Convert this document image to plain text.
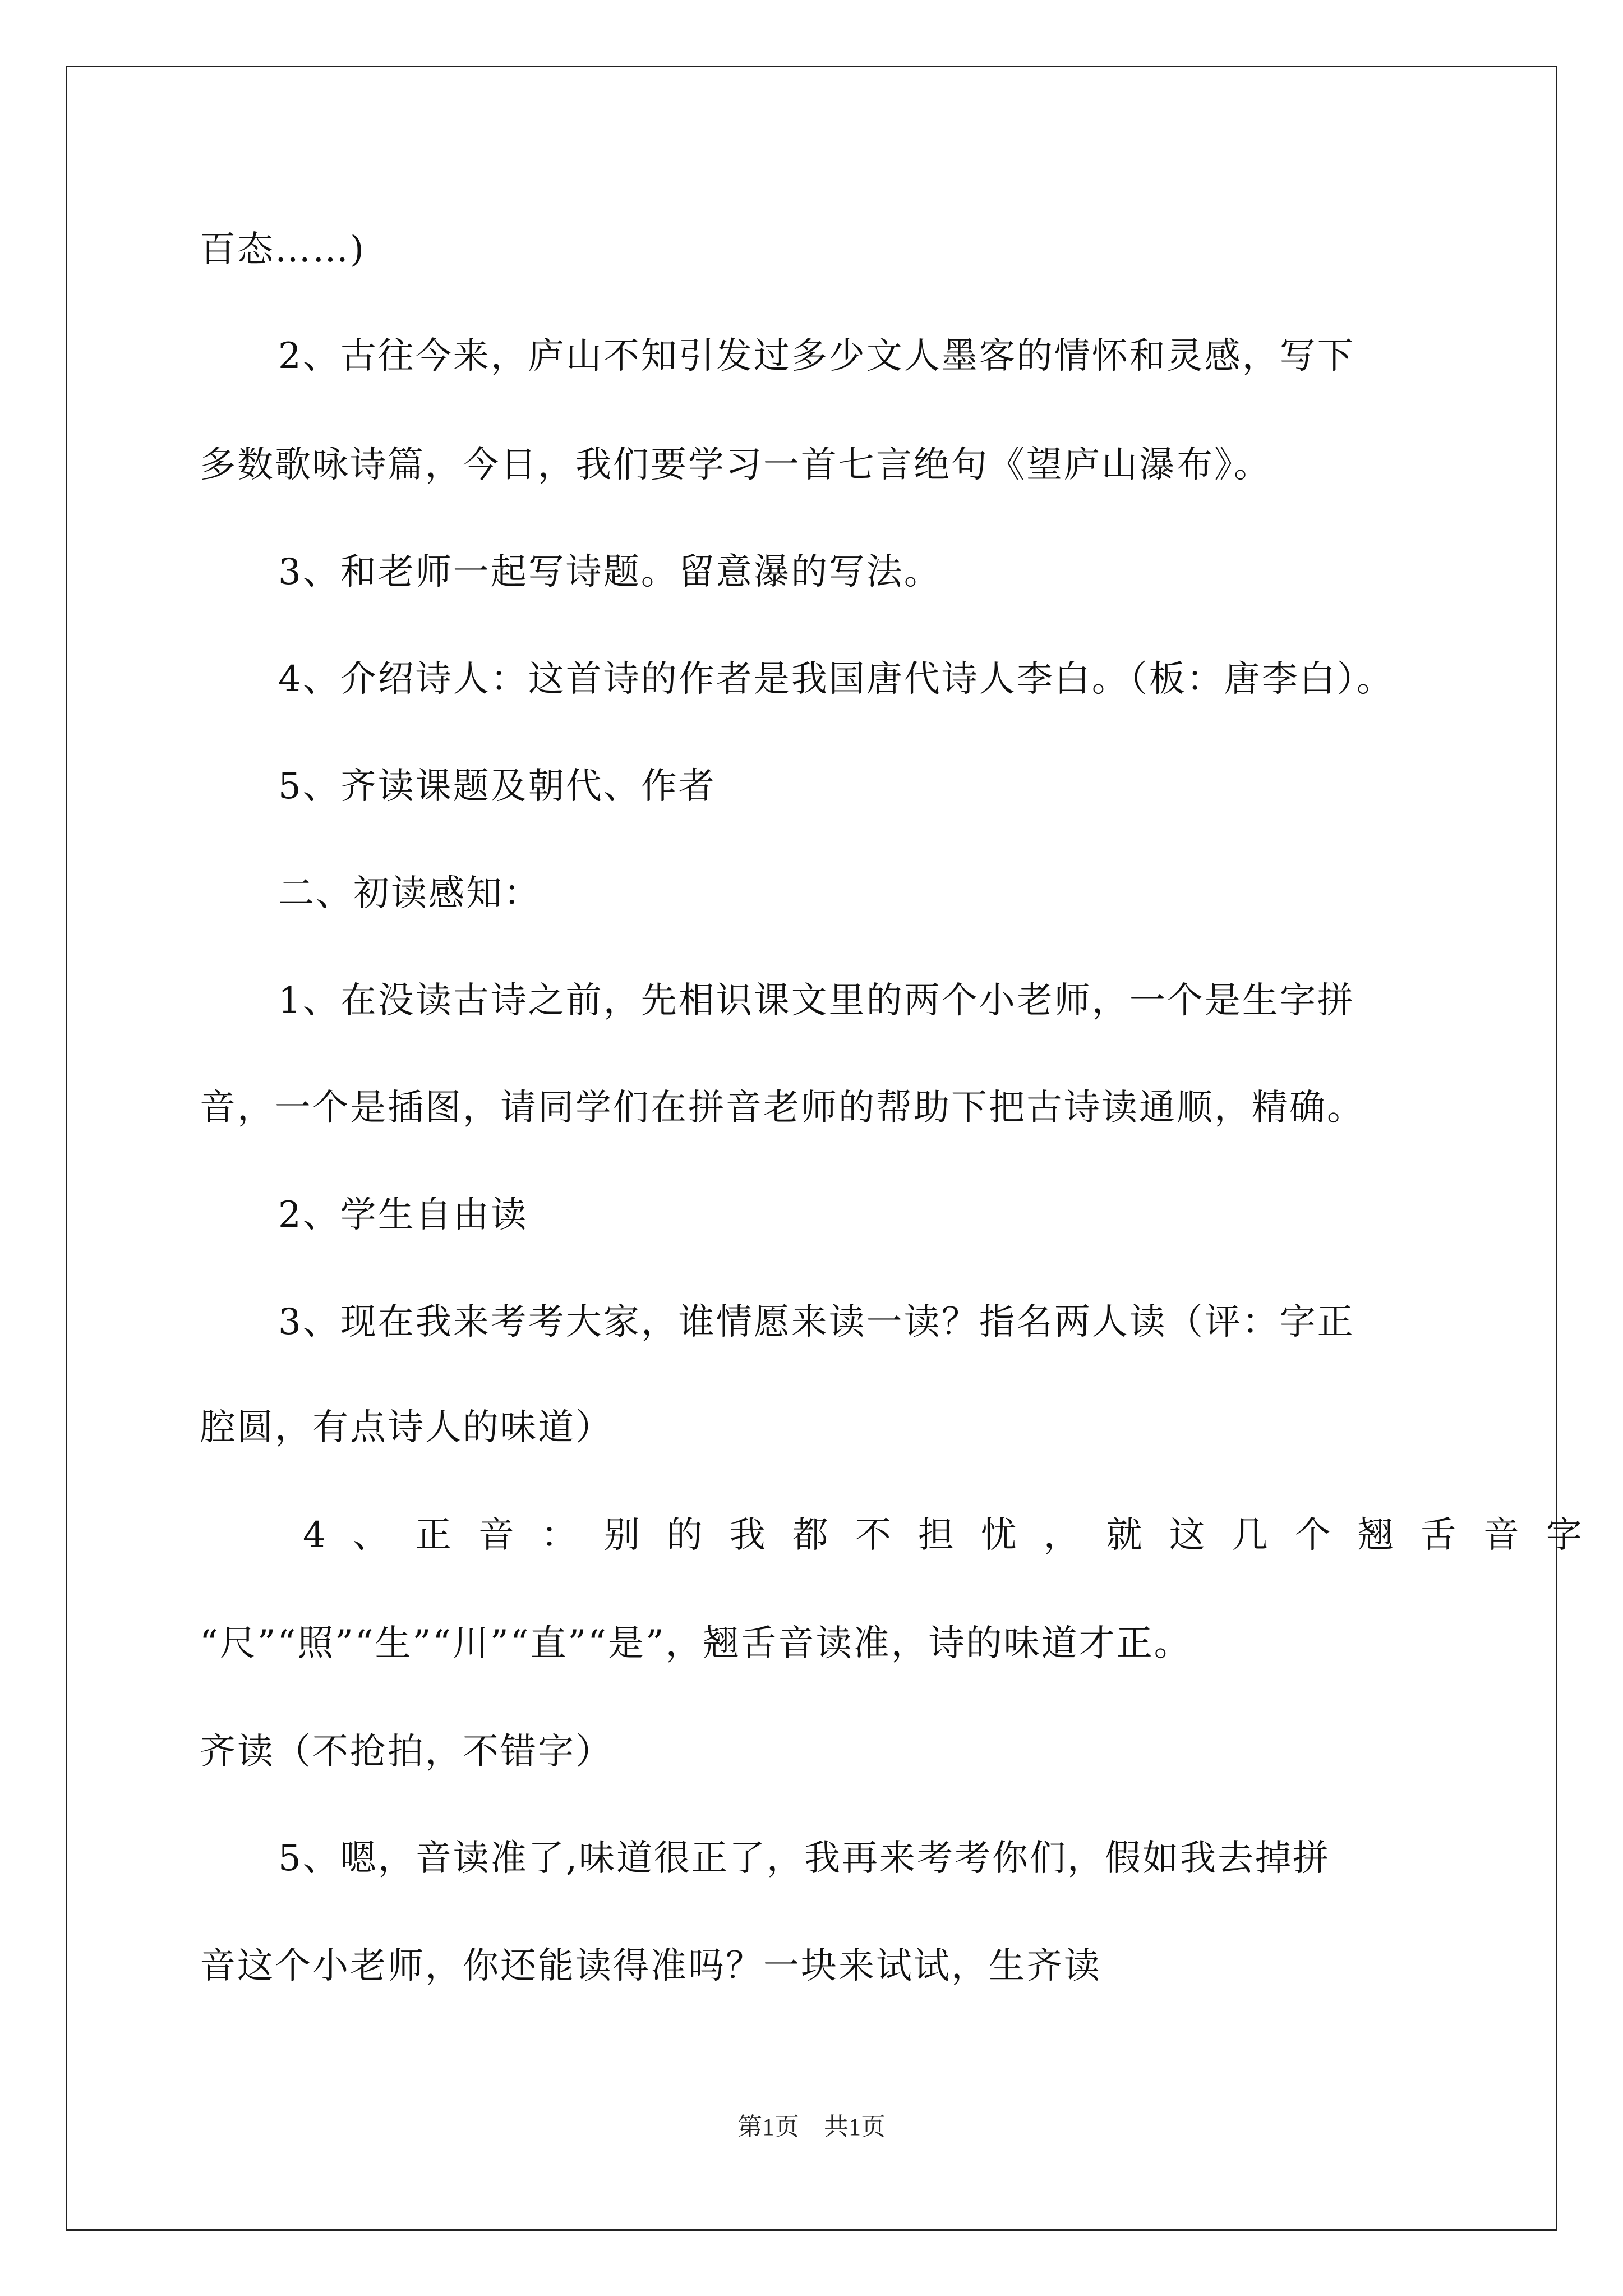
百态……)
2、古往今来，庐山不知引发过多少文人墨客的情怀和灵感，写下
多数歌咏诗篇，今日，我们要学习一首七言绝句《望庐山瀑布》。
3、和老师一起写诗题。留意瀑的写法。
4、介绍诗人：这首诗的作者是我国唐代诗人李白。（板：唐李白）。
5、齐读课题及朝代、作者
二、初读感知：
1、在没读古诗之前，先相识课文里的两个小老师，一个是生字拼
音，一个是插图，请同学们在拼音老师的帮助下把古诗读通顺，精确。
2、学生自由读
3、现在我来考考大家，谁情愿来读一读？指名两人读（评：字正
腔圆，有点诗人的味道）
4、正音：别的我都不担忧，就这几个翘舌音字
“尺”“照”“生”“川”“直”“是”，翘舌音读准，诗的味道才正。
齐读（不抢拍，不错字）
5、嗯，音读准了,味道很正了，我再来考考你们，假如我去掉拼
音这个小老师，你还能读得准吗？一块来试试，生齐读
第1页　共1页
